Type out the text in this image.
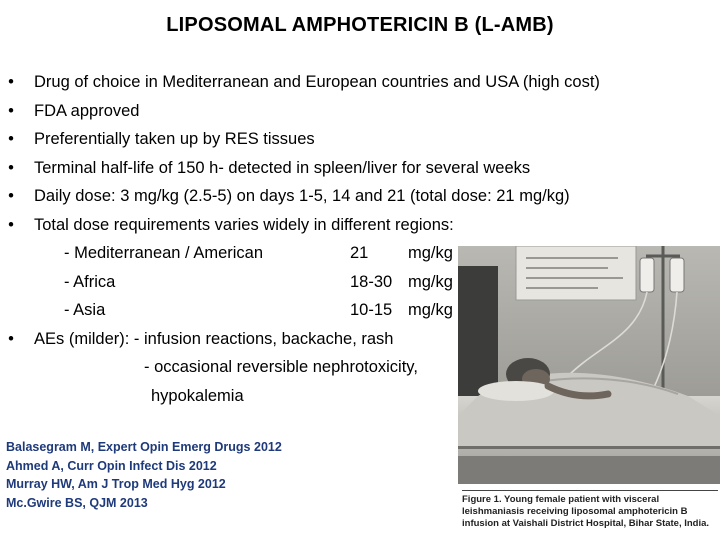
LIPOSOMAL AMPHOTERICIN B (L-AMB)
• Drug of choice in Mediterranean and European countries and USA (high cost)
• FDA approved
• Preferentially taken up by RES tissues
• Terminal half-life of 150 h- detected in spleen/liver for several weeks
• Daily dose: 3 mg/kg (2.5-5) on days 1-5, 14 and 21 (total dose: 21 mg/kg)
• Total dose requirements varies widely in different regions:
- Mediterranean / American	21 mg/kg
- Africa	18-30 mg/kg
- Asia	10-15 mg/kg
• AEs (milder): - infusion reactions, backache, rash
- occasional reversible nephrotoxicity,
hypokalemia
Balasegram M, Expert Opin Emerg Drugs 2012
Ahmed A, Curr Opin Infect Dis 2012
Murray HW, Am J Trop Med Hyg 2012
Mc.Gwire BS, QJM 2013	Figure 1. Young female patient with visceral leishmaniasis receiving liposomal amphotericin B infusion at Vaishali District Hospital, Bihar State, India.
